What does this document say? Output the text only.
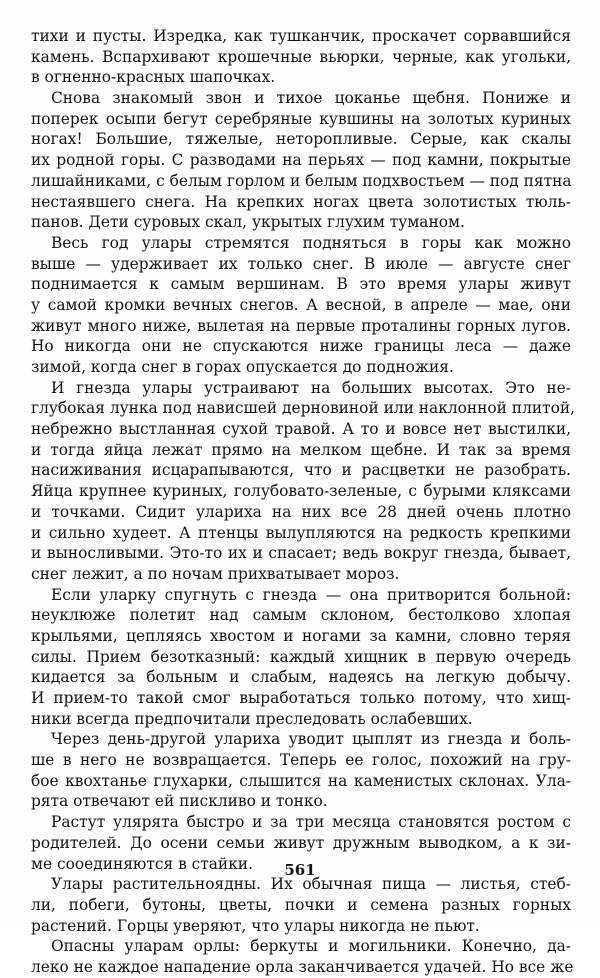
тихи и пусты. Изредка, как тушканчик, проскачет сорвавшийся
камень. Вспархивают крошечные вьюрки, черные, как угольки,
в огненно-красных шапочках.
Снова знакомый звон и тихое цоканье щебня. Пониже и
поперек осыпи бегут серебряные кувшины на золотых куриных
ногах! Большие, тяжелые, неторопливые. Серые, как скалы
их родной горы. С разводами на перьях — под камни, покрытые
лишайниками, с белым горлом и белым подхвостьем — под пятна
нестаявшего снега. На крепких ногах цвета золотистых тюль-
панов. Дети суровых скал, укрытых глухим туманом.
Весь год улары стремятся подняться в горы как можно
выше — удерживает их только снег. В июле — августе снег
поднимается к самым вершинам. В это время улары живут
у самой кромки вечных снегов. А весной, в апреле — мае, они
живут много ниже, вылетая на первые проталины горных лугов.
Но никогда они не спускаются ниже границы леса — даже
зимой, когда снег в горах опускается до подножия.
И гнезда улары устраивают на больших высотах. Это не-
глубокая лунка под нависшей дерновиной или наклонной плитой,
небрежно выстланная сухой травой. А то и вовсе нет выстилки,
и тогда яйца лежат прямо на мелком щебне. И так за время
насиживания исцарапываются, что и расцветки не разобрать.
Яйца крупнее куриных, голубовато-зеленые, с бурыми кляксами
и точками. Сидит улариха на них все 28 дней очень плотно
и сильно худеет. А птенцы вылупляются на редкость крепкими
и выносливыми. Это-то их и спасает; ведь вокруг гнезда, бывает,
снег лежит, а по ночам прихватывает мороз.
Если уларку спугнуть с гнезда — она притворится больной:
неуклюже полетит над самым склоном, бестолково хлопая
крыльями, цепляясь хвостом и ногами за камни, словно теряя
силы. Прием безотказный: каждый хищник в первую очередь
кидается за больным и слабым, надеясь на легкую добычу.
И прием-то такой смог выработаться только потому, что хищ-
ники всегда предпочитали преследовать ослабевших.
Через день-другой улариха уводит цыплят из гнезда и боль-
ше в него не возвращается. Теперь ее голос, похожий на гру-
бое квохтанье глухарки, слышится на каменистых склонах. Ула-
рята отвечают ей пискливо и тонко.
Растут улярята быстро и за три месяца становятся ростом с
родителей. До осени семьи живут дружным выводком, а к зи-
ме сооединяются в стайки.
Улары растительноядны. Их обычная пища — листья, стеб-
ли, побеги, бутоны, цветы, почки и семена разных горных
растений. Горцы уверяют, что улары никогда не пьют.
Опасны уларам орлы: беркуты и могильники. Конечно, да-
леко не каждое нападение орла заканчивается удачей. Но все же
561
